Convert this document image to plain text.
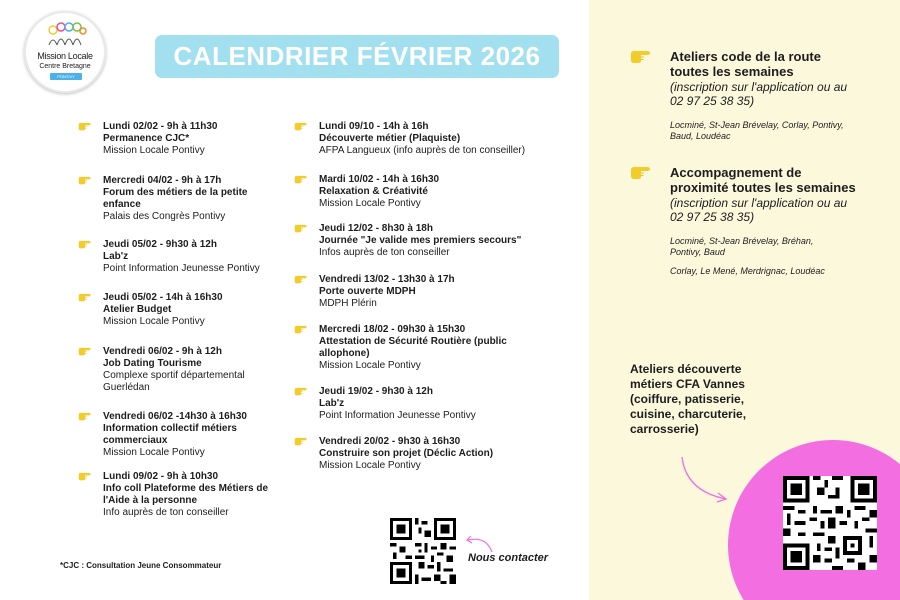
Mission Locale
Centre Bretagne
PONTIVY
CALENDRIER FÉVRIER 2026
Lundi 02/02 - 9h à 11h30
Permanence CJC*
Mission Locale Pontivy
Mercredi 04/02 - 9h à 17h
Forum des métiers de la petite enfance
Palais des Congrès Pontivy
Jeudi 05/02 - 9h30 à 12h
Lab'z
Point Information Jeunesse Pontivy
Jeudi 05/02 - 14h à 16h30
Atelier Budget
Mission Locale Pontivy
Vendredi 06/02 - 9h à 12h
Job Dating Tourisme
Complexe sportif départemental Guerlédan
Vendredi 06/02 -14h30 à 16h30
Information collectif métiers commerciaux
Mission Locale Pontivy
Lundi 09/02 - 9h à 10h30
Info coll Plateforme des Métiers de l'Aide à la personne
Info auprès de ton conseiller
Lundi 09/10 - 14h à 16h
Découverte métier (Plaquiste)
AFPA Langueux (info auprès de ton conseiller)
Mardi 10/02 - 14h à 16h30
Relaxation & Créativité
Mission Locale Pontivy
Jeudi 12/02 - 8h30 à 18h
Journée "Je valide mes premiers secours"
Infos auprès de ton conseiller
Vendredi 13/02 - 13h30 à 17h
Porte ouverte MDPH
MDPH Plérin
Mercredi 18/02 - 09h30 à 15h30
Attestation de Sécurité Routière (public allophone)
Mission Locale Pontivy
Jeudi 19/02 - 9h30 à 12h
Lab'z
Point Information Jeunesse Pontivy
Vendredi 20/02 - 9h30 à 16h30
Construire son projet (Déclic Action)
Mission Locale Pontivy
*CJC : Consultation Jeune Consommateur
Nous contacter
Ateliers code de la route toutes les semaines
(inscription sur l'application ou au 02 97 25 38 35)
Locminé, St-Jean Brévelay, Corlay, Pontivy, Baud, Loudéac
Accompagnement de proximité toutes les semaines
(inscription sur l'application ou au 02 97 25 38 35)
Locminé, St-Jean Brévelay, Bréhan, Pontivy, Baud
Corlay, Le Mené, Merdrignac, Loudéac
Ateliers découverte métiers CFA Vannes (coiffure, patisserie, cuisine, charcuterie, carrosserie)
